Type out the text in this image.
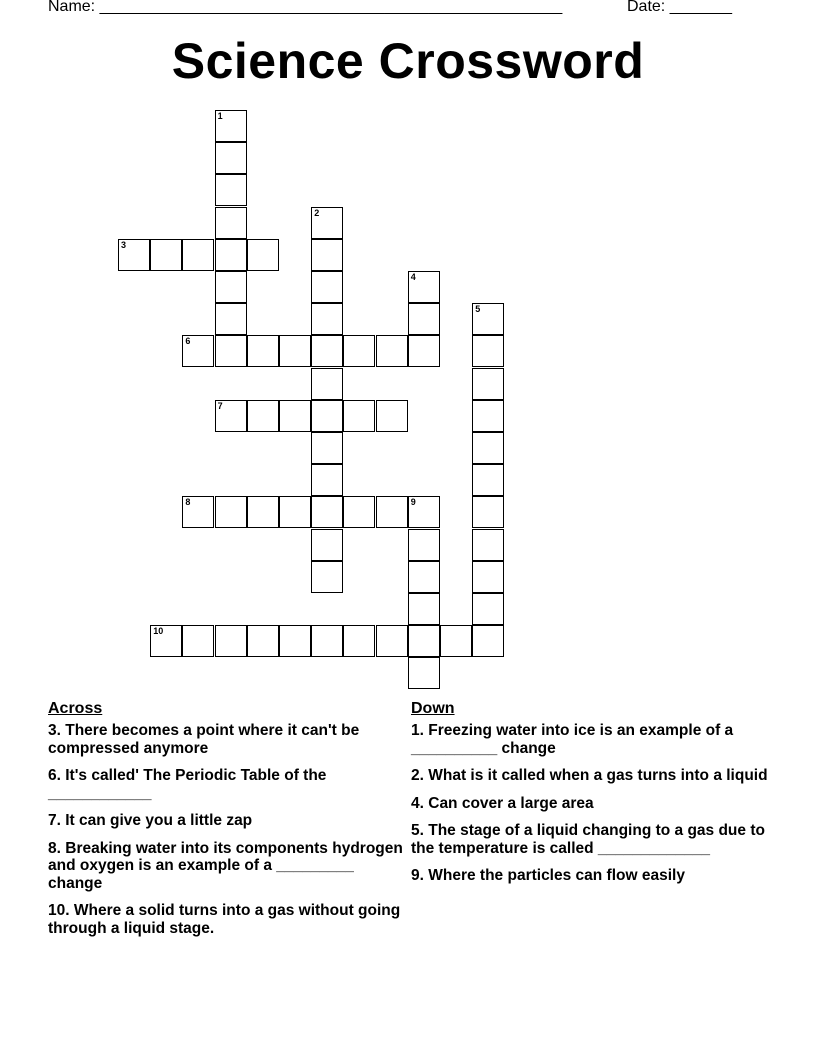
Name: ____________________________________________________	Date: _______
Science Crossword
1
2
3
4
5
6
7
8	9
10
Across
3. There becomes a point where it can't be compressed anymore
6. It's called' The Periodic Table of the ____________
7. It can give you a little zap
8. Breaking water into its components hydrogen and oxygen is an example of a _________ change
10. Where a solid turns into a gas without going through a liquid stage.
Down
1. Freezing water into ice is an example of a __________ change
2. What is it called when a gas turns into a liquid
4. Can cover a large area
5. The stage of a liquid changing to a gas due to the temperature is called _____________
9. Where the particles can flow easily
